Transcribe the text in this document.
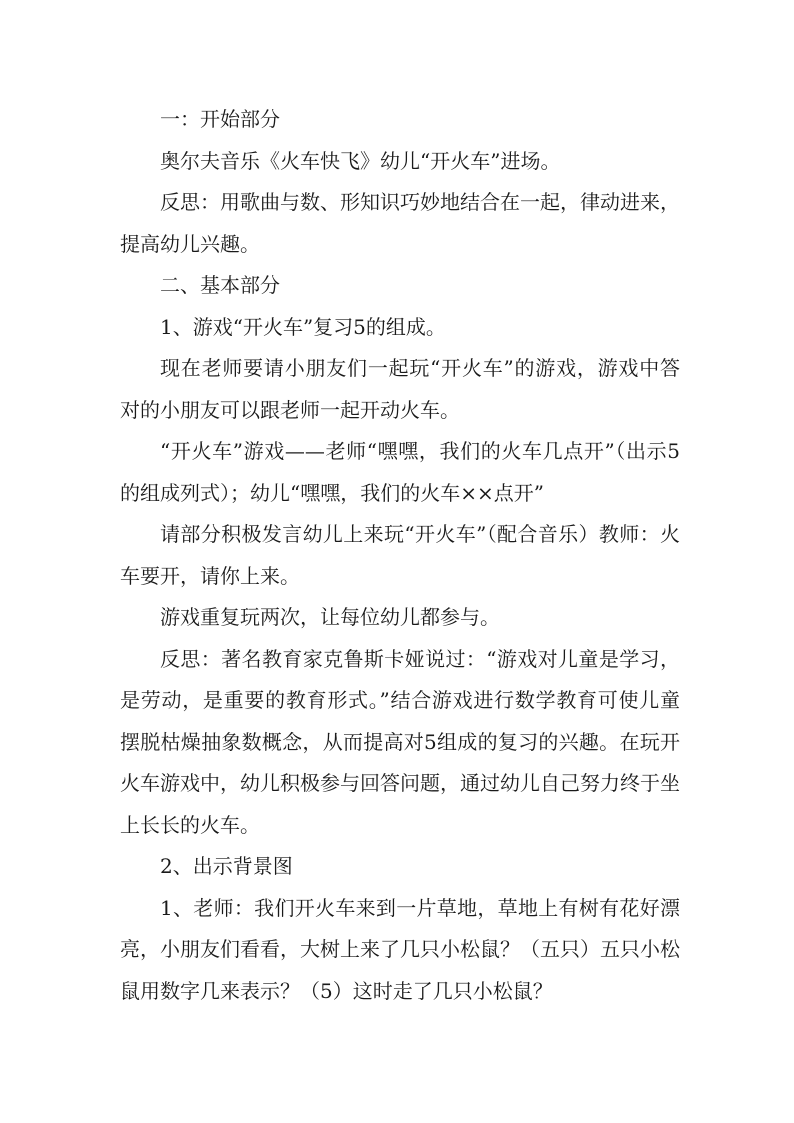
一：开始部分

奥尔夫音乐《火车快飞》幼儿“开火车”进场。

反思：用歌曲与数、形知识巧妙地结合在一起，律动进来，提高幼儿兴趣。

二、基本部分

1、游戏“开火车”复习5的组成。

现在老师要请小朋友们一起玩“开火车”的游戏，游戏中答对的小朋友可以跟老师一起开动火车。

“开火车”游戏——老师“嘿嘿，我们的火车几点开”（出示5的组成列式）；幼儿“嘿嘿，我们的火车××点开”

请部分积极发言幼儿上来玩“开火车”（配合音乐）教师：火车要开，请你上来。

游戏重复玩两次，让每位幼儿都参与。

反思：著名教育家克鲁斯卡娅说过：“游戏对儿童是学习，是劳动，是重要的教育形式。”结合游戏进行数学教育可使儿童摆脱枯燥抽象数概念，从而提高对5组成的复习的兴趣。在玩开火车游戏中，幼儿积极参与回答问题，通过幼儿自己努力终于坐上长长的火车。

2、出示背景图

1、老师：我们开火车来到一片草地，草地上有树有花好漂亮，小朋友们看看，大树上来了几只小松鼠？（五只）五只小松鼠用数字几来表示？（5）这时走了几只小松鼠？
